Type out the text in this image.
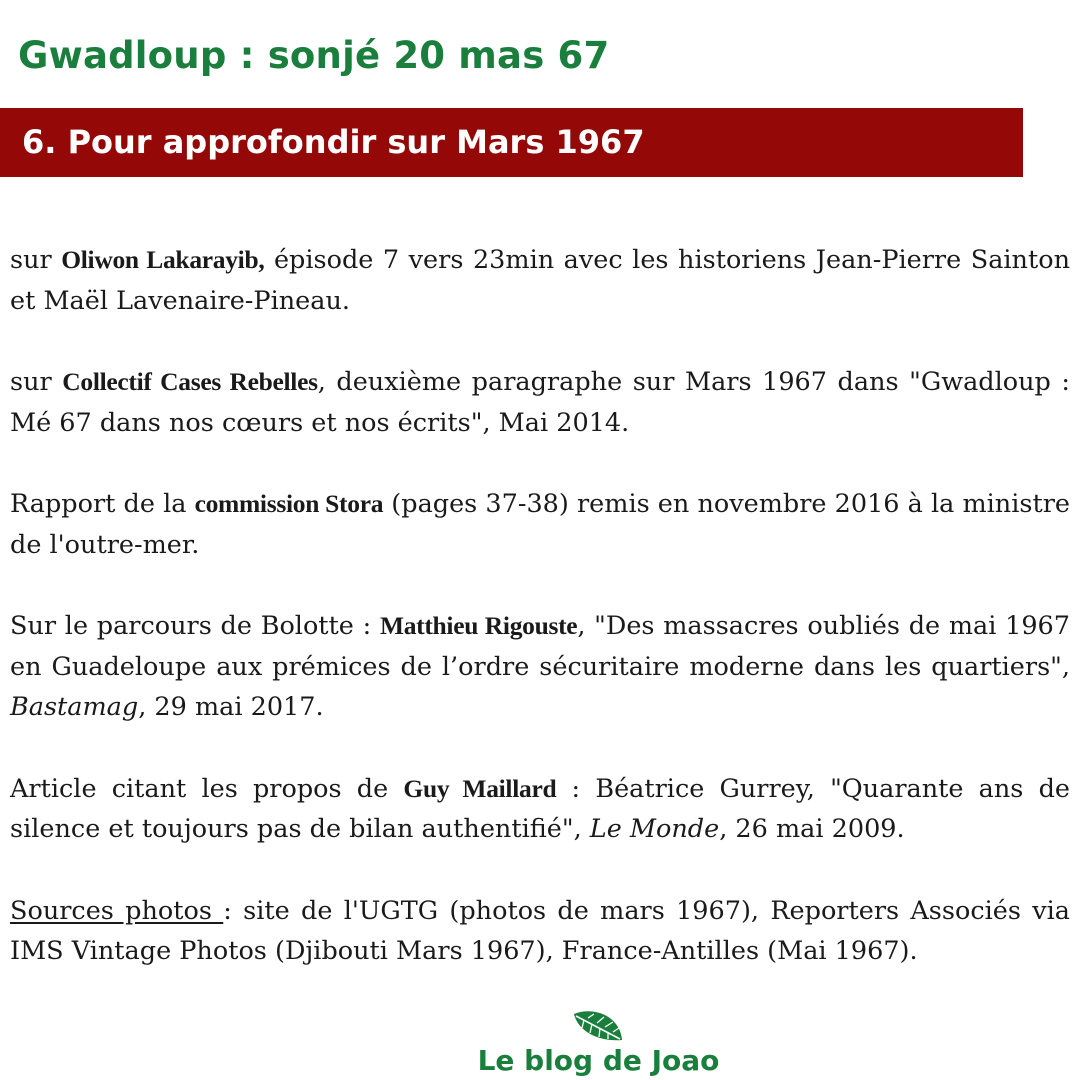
Gwadloup : sonjé 20 mas 67
6. Pour approfondir sur Mars 1967

sur Oliwon Lakarayib, épisode 7 vers 23min avec les historiens Jean-Pierre Sainton et Maël Lavenaire-Pineau.

sur Collectif Cases Rebelles, deuxième paragraphe sur Mars 1967 dans "Gwadloup : Mé 67 dans nos cœurs et nos écrits", Mai 2014.

Rapport de la commission Stora (pages 37-38) remis en novembre 2016 à la ministre de l'outre-mer.

Sur le parcours de Bolotte : Matthieu Rigouste, "Des massacres oubliés de mai 1967 en Guadeloupe aux prémices de l’ordre sécuritaire moderne dans les quartiers", Bastamag, 29 mai 2017.

Article citant les propos de Guy Maillard : Béatrice Gurrey, "Quarante ans de silence et toujours pas de bilan authentifié", Le Monde, 26 mai 2009.

Sources photos : site de l'UGTG (photos de mars 1967), Reporters Associés via IMS Vintage Photos (Djibouti Mars 1967), France-Antilles (Mai 1967).

Le blog de Joao
